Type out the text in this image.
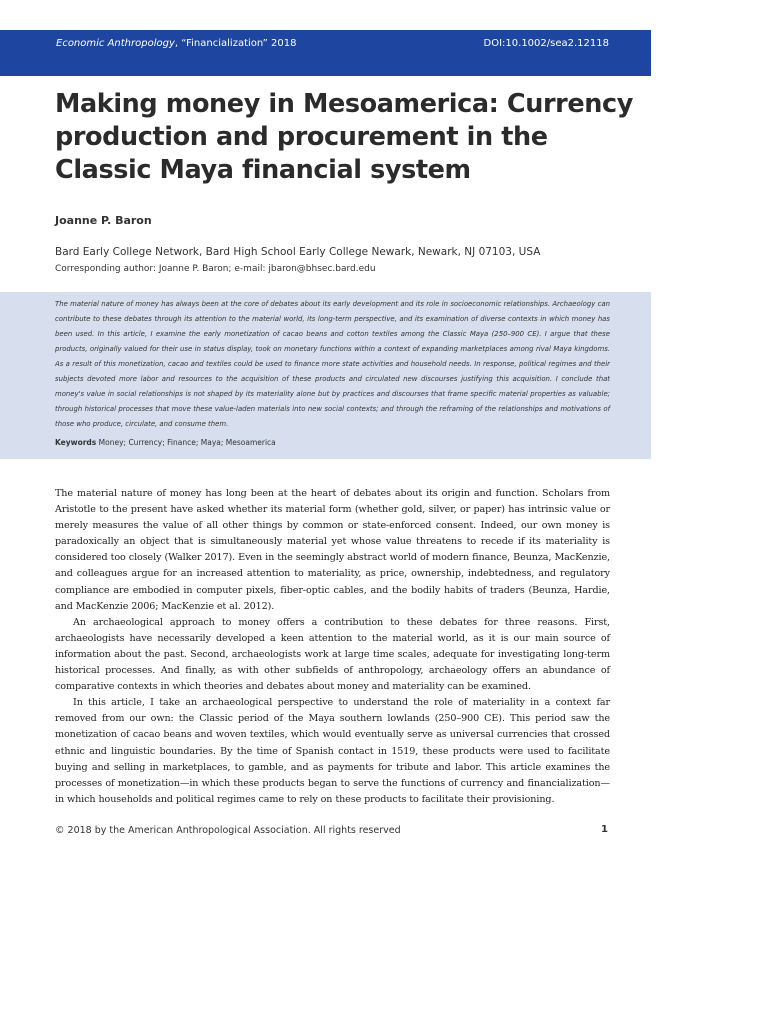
Economic Anthropology, “Financialization” 2018	DOI:10.1002/sea2.12118
Making money in Mesoamerica: Currency production and procurement in the Classic Maya financial system

Joanne P. Baron

Bard Early College Network, Bard High School Early College Newark, Newark, NJ 07103, USA

Corresponding author: Joanne P. Baron; e-mail: jbaron@bhsec.bard.edu

The material nature of money has always been at the core of debates about its early development and its role in socioeconomic relationships. Archaeology can contribute to these debates through its attention to the material world, its long-term perspective, and its examination of diverse contexts in which money has been used. In this article, I examine the early monetization of cacao beans and cotton textiles among the Classic Maya (250–900 CE). I argue that these products, originally valued for their use in status display, took on monetary functions within a context of expanding marketplaces among rival Maya kingdoms. As a result of this monetization, cacao and textiles could be used to finance more state activities and household needs. In response, political regimes and their subjects devoted more labor and resources to the acquisition of these products and circulated new discourses justifying this acquisition. I conclude that money's value in social relationships is not shaped by its materiality alone but by practices and discourses that frame specific material properties as valuable; through historical processes that move these value-laden materials into new social contexts; and through the reframing of the relationships and motivations of those who produce, circulate, and consume them.

Keywords Money; Currency; Finance; Maya; Mesoamerica

The material nature of money has long been at the heart of debates about its origin and function. Scholars from Aristotle to the present have asked whether its material form (whether gold, silver, or paper) has intrinsic value or merely measures the value of all other things by common or state-enforced consent. Indeed, our own money is paradoxically an object that is simultaneously material yet whose value threatens to recede if its materiality is considered too closely (Walker 2017). Even in the seemingly abstract world of modern finance, Beunza, MacKenzie, and colleagues argue for an increased attention to materiality, as price, ownership, indebtedness, and regulatory compliance are embodied in computer pixels, fiber-optic cables, and the bodily habits of traders (Beunza, Hardie, and MacKenzie 2006; MacKenzie et al. 2012).

An archaeological approach to money offers a contribution to these debates for three reasons. First, archaeologists have necessarily developed a keen attention to the material world, as it is our main source of information about the past. Second, archaeologists work at large time scales, adequate for investigating long-term historical processes. And finally, as with other subfields of anthropology, archaeology offers an abundance of comparative contexts in which theories and debates about money and materiality can be examined.

In this article, I take an archaeological perspective to understand the role of materiality in a context far removed from our own: the Classic period of the Maya southern lowlands (250–900 CE). This period saw the monetization of cacao beans and woven textiles, which would eventually serve as universal currencies that crossed ethnic and linguistic boundaries. By the time of Spanish contact in 1519, these products were used to facilitate buying and selling in marketplaces, to gamble, and as payments for tribute and labor. This article examines the processes of monetization—in which these products began to serve the functions of currency and financialization—in which households and political regimes came to rely on these products to facilitate their provisioning.

© 2018 by the American Anthropological Association. All rights reserved	1
